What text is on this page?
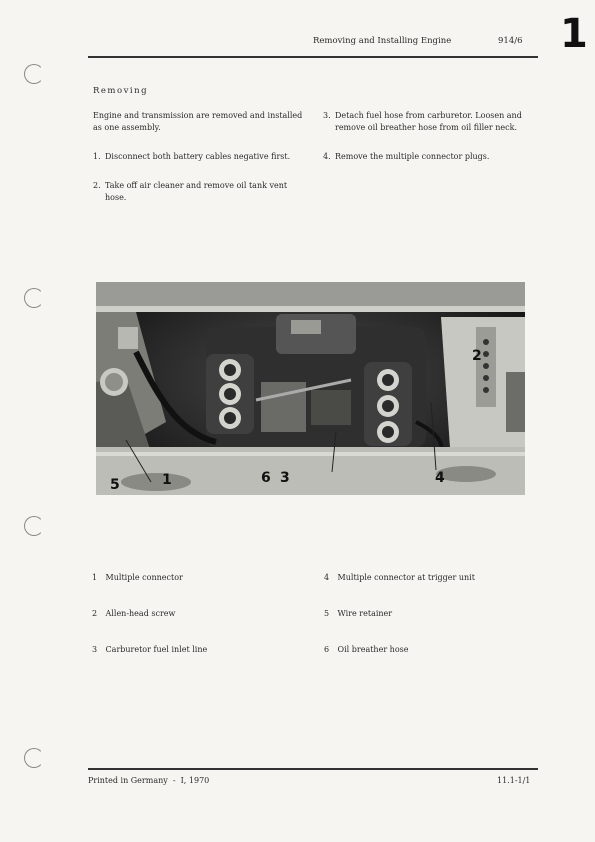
Removing and Installing Engine	914/6 1
Removing
Engine and transmission are removed and installed as one assembly.
1. Disconnect both battery cables negative first.
2. Take off air cleaner and remove oil tank vent hose.
3. Detach fuel hose from carburetor. Loosen and remove oil breather hose from oil filler neck.
4. Remove the multiple connector plugs.
5	1	6 3	4
2
1 Multiple connector
2 Allen-head screw
3 Carburetor fuel inlet line
4 Multiple connector at trigger unit
5 Wire retainer
6 Oil breather hose
Printed in Germany  -  I, 1970	11.1-1/1
